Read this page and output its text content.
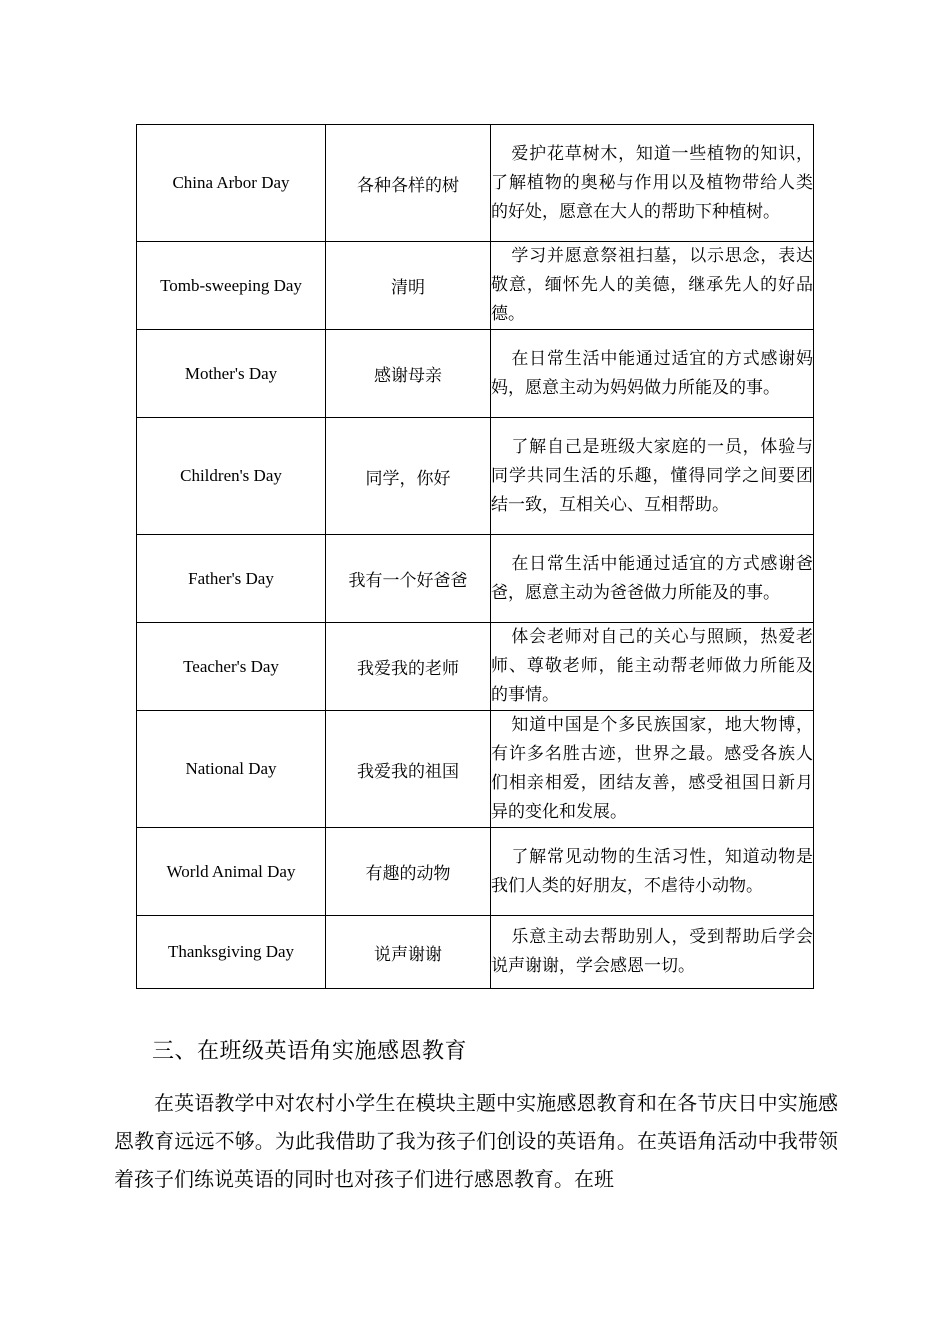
China Arbor Day	各种各样的树	爱护花草树木，知道一些植物的知识，了解植物的奥秘与作用以及植物带给人类的好处，愿意在大人的帮助下种植树。

Tomb-sweeping Day	清明	学习并愿意祭祖扫墓，以示思念，表达敬意，缅怀先人的美德，继承先人的好品德。

Mother's Day	感谢母亲	在日常生活中能通过适宜的方式感谢妈妈，愿意主动为妈妈做力所能及的事。

Children's Day	同学，你好	了解自己是班级大家庭的一员，体验与同学共同生活的乐趣，懂得同学之间要团结一致，互相关心、互相帮助。

Father's Day	我有一个好爸爸	在日常生活中能通过适宜的方式感谢爸爸，愿意主动为爸爸做力所能及的事。

Teacher's Day	我爱我的老师	体会老师对自己的关心与照顾，热爱老师、尊敬老师，能主动帮老师做力所能及的事情。

National Day	我爱我的祖国	知道中国是个多民族国家，地大物博，有许多名胜古迹，世界之最。感受各族人们相亲相爱，团结友善，感受祖国日新月异的变化和发展。

World Animal Day	有趣的动物	了解常见动物的生活习性，知道动物是我们人类的好朋友，不虐待小动物。

Thanksgiving Day	说声谢谢	乐意主动去帮助别人，受到帮助后学会说声谢谢，学会感恩一切。
三、在班级英语角实施感恩教育

在英语教学中对农村小学生在模块主题中实施感恩教育和在各节庆日中实施感恩教育远远不够。为此我借助了我为孩子们创设的英语角。在英语角活动中我带领着孩子们练说英语的同时也对孩子们进行感恩教育。在班
